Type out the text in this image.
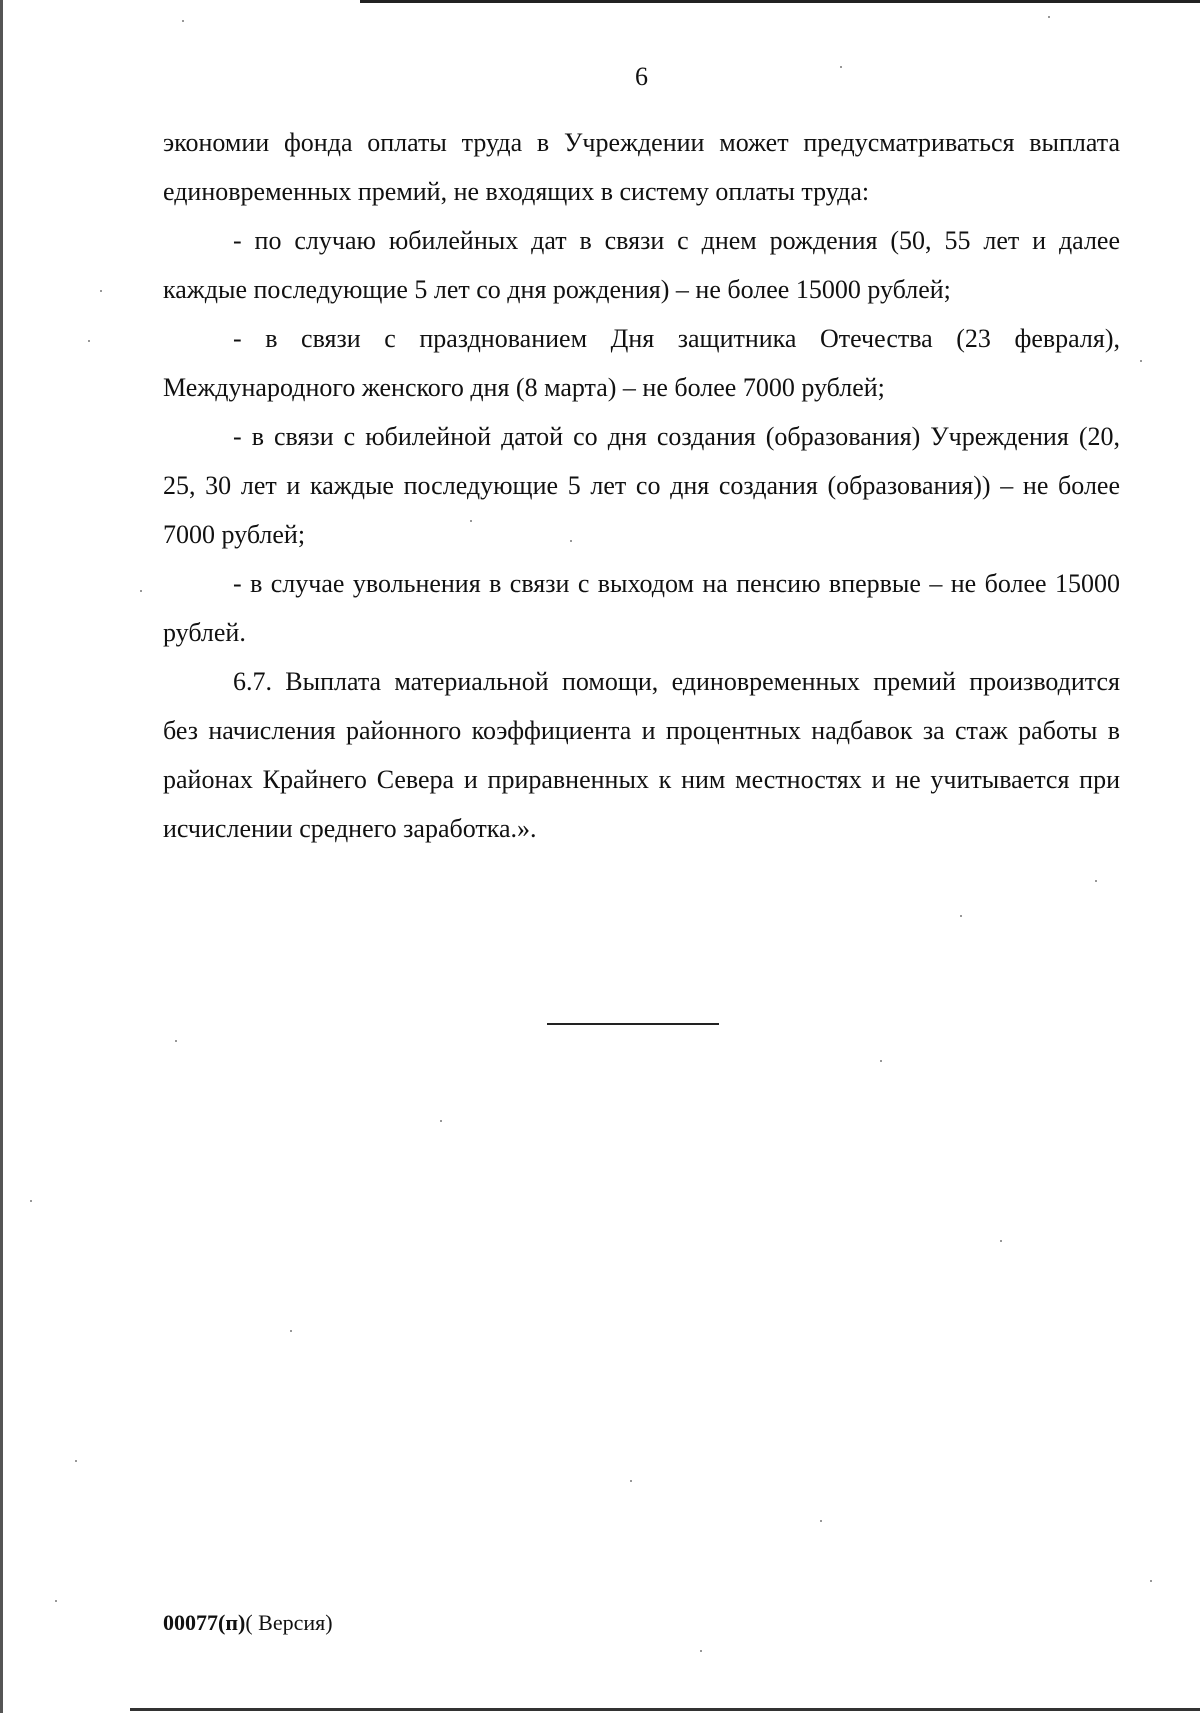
6

экономии фонда оплаты труда в Учреждении может предусматриваться выплата единовременных премий, не входящих в систему оплаты труда:

- по случаю юбилейных дат в связи с днем рождения (50, 55 лет и далее каждые последующие 5 лет со дня рождения) – не более 15000 рублей;

- в связи с празднованием Дня защитника Отечества (23 февраля), Международного женского дня (8 марта) – не более 7000 рублей;

- в связи с юбилейной датой со дня создания (образования) Учреждения (20, 25, 30 лет и каждые последующие 5 лет со дня создания (образования)) – не более 7000 рублей;

- в случае увольнения в связи с выходом на пенсию впервые – не более 15000 рублей.

6.7. Выплата материальной помощи, единовременных премий производится без начисления районного коэффициента и процентных надбавок за стаж работы в районах Крайнего Севера и приравненных к ним местностях и не учитывается при исчислении среднего заработка.».

00077(п)( Версия)
